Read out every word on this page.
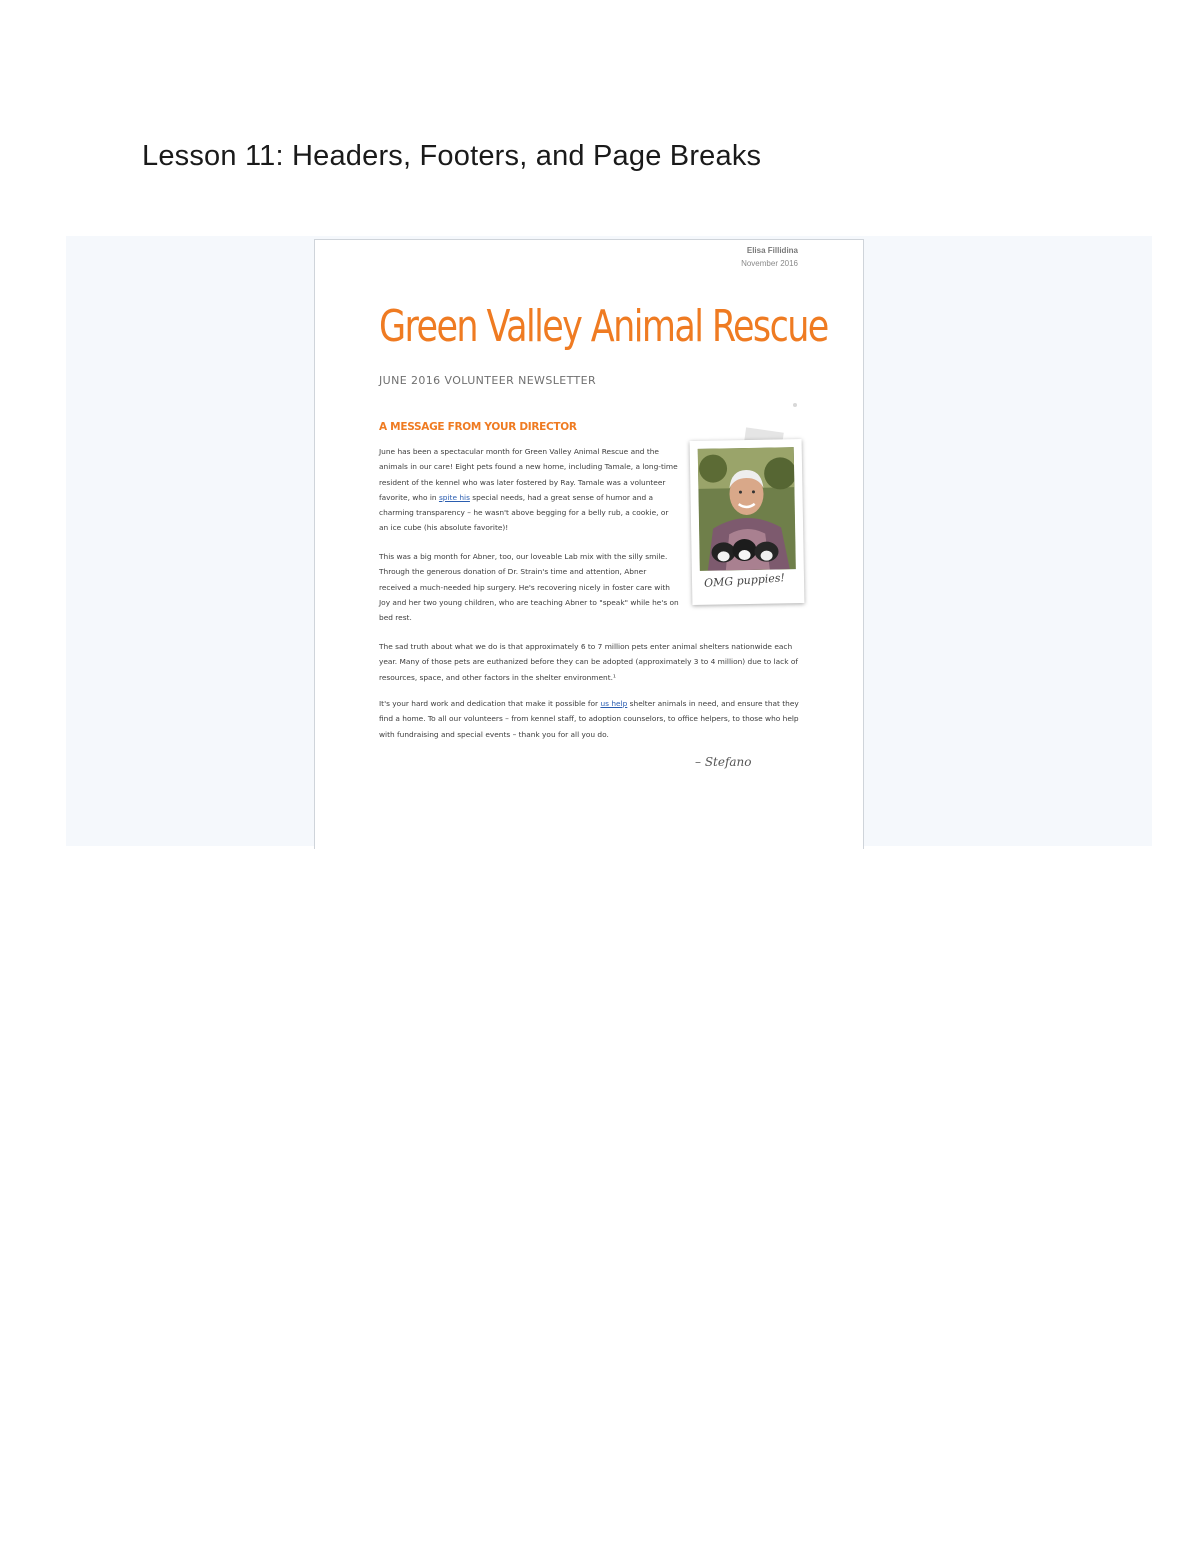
Lesson 11: Headers, Footers, and Page Breaks
Elisa Fillidina
November 2016
Green Valley Animal Rescue
JUNE 2016 VOLUNTEER NEWSLETTER
A MESSAGE FROM YOUR DIRECTOR

June has been a spectacular month for Green Valley Animal Rescue and the animals in our care! Eight pets found a new home, including Tamale, a long-time resident of the kennel who was later fostered by Ray. Tamale was a volunteer favorite, who in spite his special needs, had a great sense of humor and a charming transparency – he wasn't above begging for a belly rub, a cookie, or an ice cube (his absolute favorite)!

This was a big month for Abner, too, our loveable Lab mix with the silly smile. Through the generous donation of Dr. Strain's time and attention, Abner received a much-needed hip surgery. He's recovering nicely in foster care with Joy and her two young children, who are teaching Abner to "speak" while he's on bed rest.

The sad truth about what we do is that approximately 6 to 7 million pets enter animal shelters nationwide each year. Many of those pets are euthanized before they can be adopted (approximately 3 to 4 million) due to lack of resources, space, and other factors in the shelter environment.¹

It's your hard work and dedication that make it possible for us help shelter animals in need, and ensure that they find a home. To all our volunteers – from kennel staff, to adoption counselors, to office helpers, to those who help with fundraising and special events – thank you for all you do.

– Stefano
OMG puppies!
